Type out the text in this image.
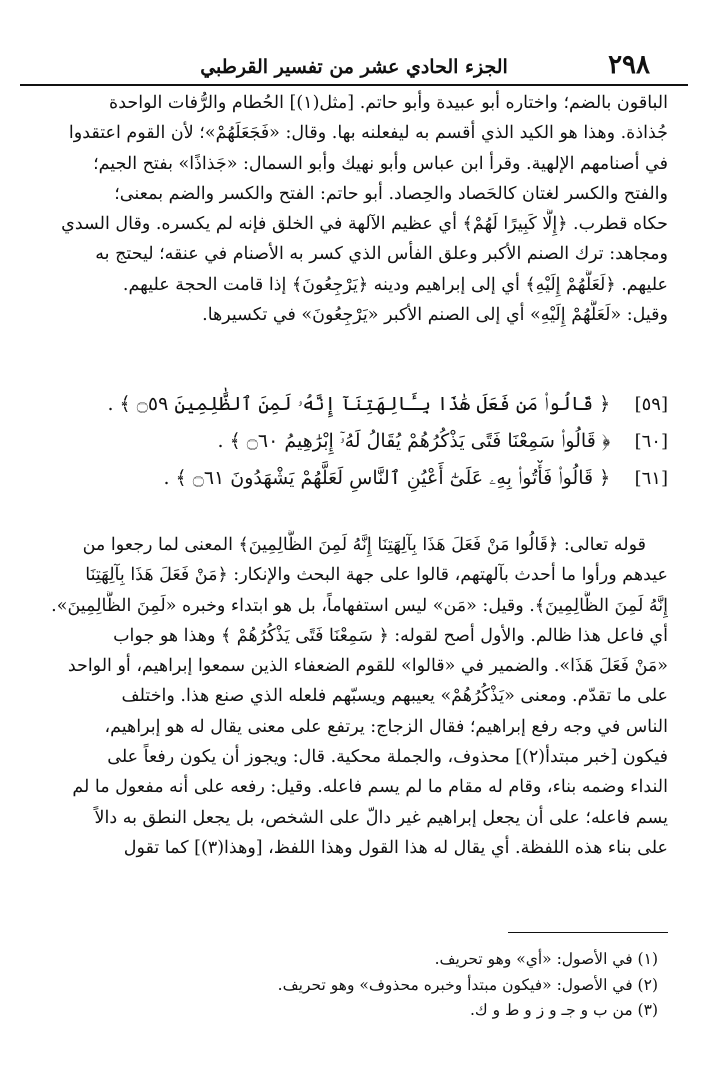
٢٩٨
الجزء الحادي عشر من تفسير القرطبي
الباقون بالضم؛ واختاره أبو عبيدة وأبو حاتم. [مثل(١)] الحُطام والرُّفات الواحدة
جُذاذة. وهذا هو الكيد الذي أقسم به ليفعلنه بها. وقال: «فَجَعَلَهُمْ»؛ لأن القوم اعتقدوا
في أصنامهم الإلهية. وقرأ ابن عباس وأبو نهيك وأبو السمال: «جَذاذًا» بفتح الجيم؛
والفتح والكسر لغتان كالحَصاد والحِصاد. أبو حاتم: الفتح والكسر والضم بمعنى؛
حكاه قطرب. ﴿إِلَّا كَبِيرًا لَهُمْ﴾ أي عظيم الآلهة في الخلق فإنه لم يكسره. وقال السدي
ومجاهد: ترك الصنم الأكبر وعلق الفأس الذي كسر به الأصنام في عنقه؛ ليحتج به
عليهم. ﴿لَعَلَّهُمْ إِلَيْهِ﴾ أي إلى إبراهيم ودينه ﴿يَرْجِعُونَ﴾ إذا قامت الحجة عليهم.
وقيل: «لَعَلَّهُمْ إِلَيْهِ» أي إلى الصنم الأكبر «يَرْجِعُونَ» في تكسيرها.
[٥٩] ﴿ قَالُوا۟ مَن فَعَلَ هَٰذَا بِـَٔالِهَتِنَآ إِنَّهُۥ لَمِنَ ٱلظَّٰلِمِينَ ۝٥٩ ﴾ .
[٦٠] ﴿ قَالُوا۟ سَمِعْنَا فَتًى يَذْكُرُهُمْ يُقَالُ لَهُۥٓ إِبْرَٰهِيمُ ۝٦٠ ﴾ .
[٦١] ﴿ قَالُوا۟ فَأْتُوا۟ بِهِۦ عَلَىٰٓ أَعْيُنِ ٱلنَّاسِ لَعَلَّهُمْ يَشْهَدُونَ ۝٦١ ﴾ .
قوله تعالى: ﴿قَالُوا مَنْ فَعَلَ هَذَا بِآلِهَتِنَا إِنَّهُ لَمِنَ الظَّالِمِينَ﴾ المعنى لما رجعوا من
عيدهم ورأوا ما أحدث بآلهتهم، قالوا على جهة البحث والإنكار: ﴿مَنْ فَعَلَ هَذَا بِآلِهَتِنَا
إِنَّهُ لَمِنَ الظَّالِمِينَ﴾. وقيل: «مَن» ليس استفهاماً، بل هو ابتداء وخبره «لَمِنَ الظَّالِمِينَ».
أي فاعل هذا ظالم. والأول أصح لقوله: ﴿ سَمِعْنَا فَتًى يَذْكُرُهُمْ ﴾ وهذا هو جواب
«مَنْ فَعَلَ هَذَا». والضمير في «قالوا» للقوم الضعفاء الذين سمعوا إبراهيم، أو الواحد
على ما تقدّم. ومعنى «يَذْكُرُهُمْ» يعيبهم ويسبّهم فلعله الذي صنع هذا. واختلف
الناس في وجه رفع إبراهيم؛ فقال الزجاج: يرتفع على معنى يقال له هو إبراهيم،
فيكون [خبر مبتدأ(٢)] محذوف، والجملة محكية. قال: ويجوز أن يكون رفعاً على
النداء وضمه بناء، وقام له مقام ما لم يسم فاعله. وقيل: رفعه على أنه مفعول ما لم
يسم فاعله؛ على أن يجعل إبراهيم غير دالّ على الشخص، بل يجعل النطق به دالاً
على بناء هذه اللفظة. أي يقال له هذا القول وهذا اللفظ، [وهذا(٣)] كما تقول
(١) في الأصول: «أي» وهو تحريف.
(٢) في الأصول: «فيكون مبتدأ وخبره محذوف» وهو تحريف.
(٣) من ب و جـ و ز و ط و ك.
